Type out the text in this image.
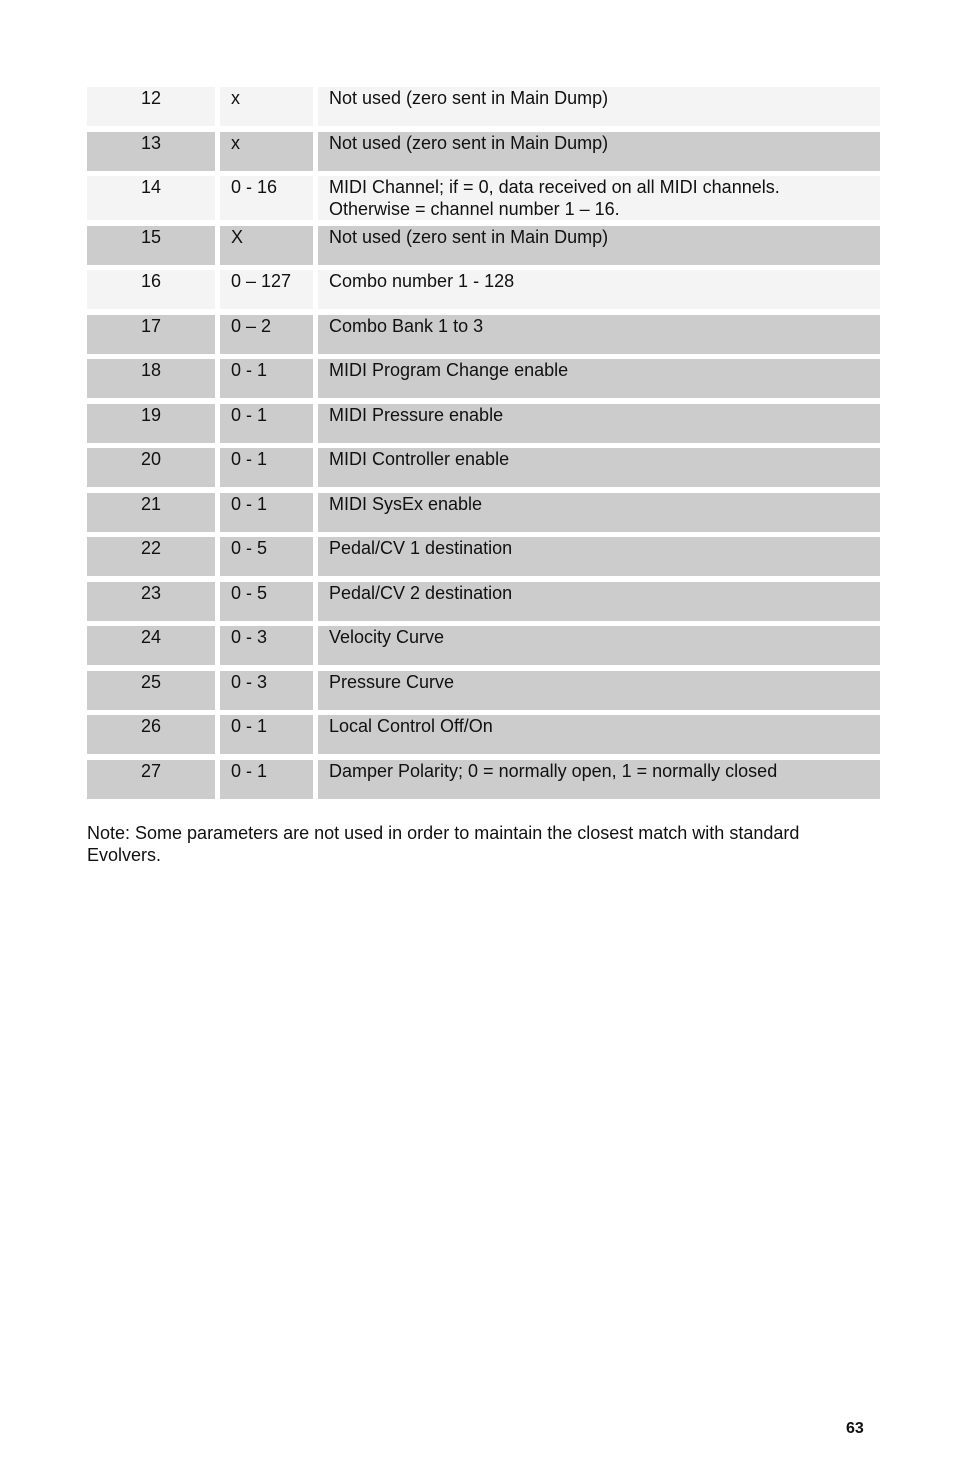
12	x	Not used (zero sent in Main Dump)
13	x	Not used (zero sent in Main Dump)
14	0 - 16	MIDI Channel; if = 0, data received on all MIDI channels.
Otherwise = channel number 1 – 16.
15	X	Not used (zero sent in Main Dump)
16	0 – 127	Combo number 1 - 128
17	0 – 2	Combo Bank 1 to 3
18	0 - 1	MIDI Program Change enable
19	0 - 1	MIDI Pressure enable
20	0 - 1	MIDI Controller enable
21	0 - 1	MIDI SysEx enable
22	0 - 5	Pedal/CV 1 destination
23	0 - 5	Pedal/CV 2 destination
24	0 - 3	Velocity Curve
25	0 - 3	Pressure Curve
26	0 - 1	Local Control Off/On
27	0 - 1	Damper Polarity; 0 = normally open, 1 = normally closed
Note: Some parameters are not used in order to maintain the closest match with standard Evolvers.
63
